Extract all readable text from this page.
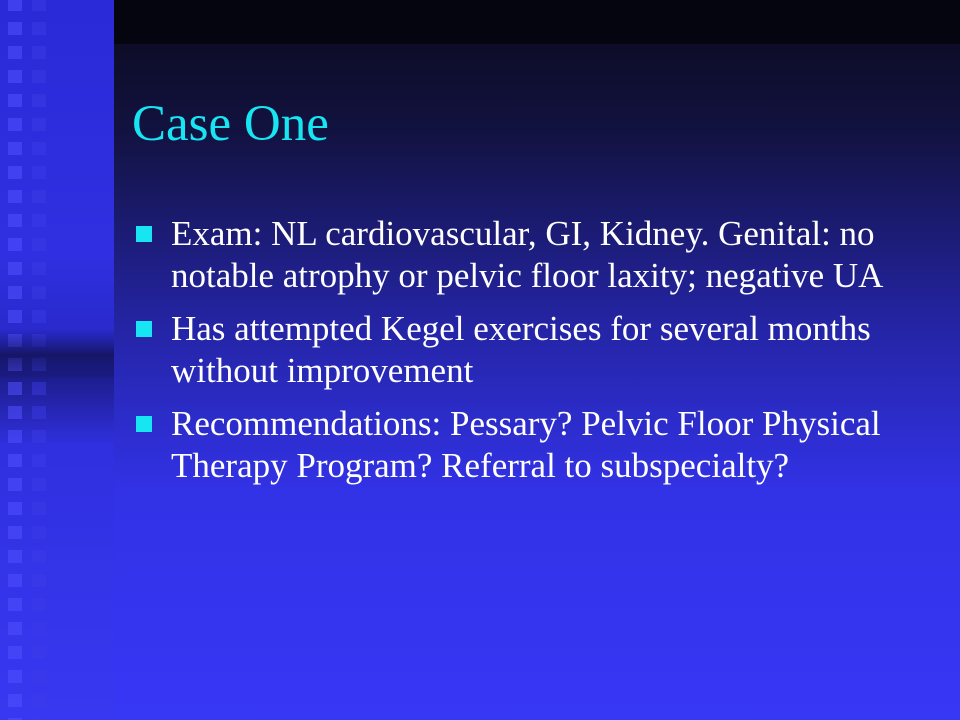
Case One
Exam: NL cardiovascular, GI, Kidney. Genital: no notable atrophy or pelvic floor laxity; negative UA
Has attempted Kegel exercises for several months without improvement
Recommendations: Pessary? Pelvic Floor Physical Therapy Program? Referral to subspecialty?
